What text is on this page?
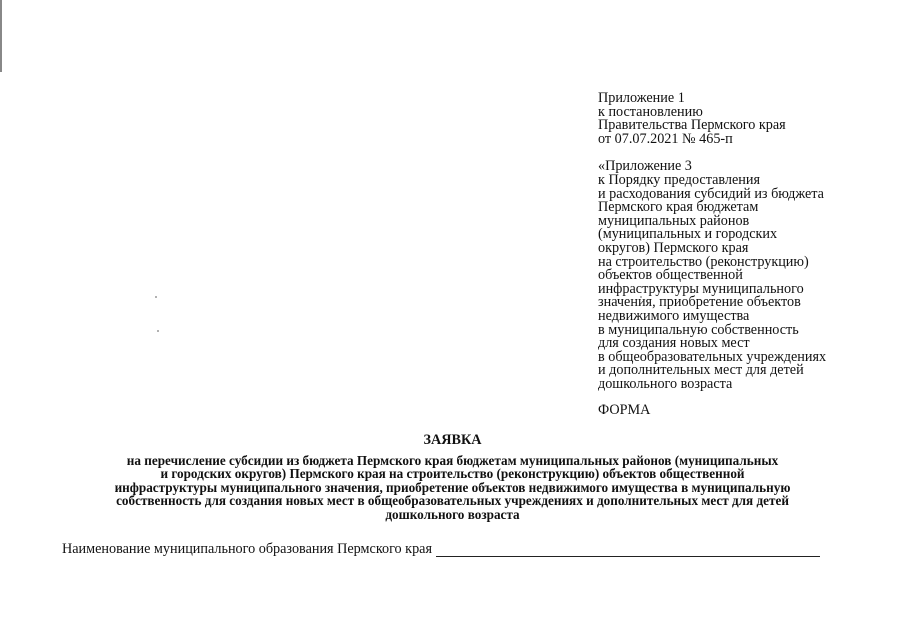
Приложение 1
к постановлению
Правительства Пермского края
от 07.07.2021 № 465-п
«Приложение 3
к Порядку предоставления
и расходования субсидий из бюджета
Пермского края бюджетам
муниципальных районов
(муниципальных и городских
округов) Пермского края
на строительство (реконструкцию)
объектов общественной
инфраструктуры муниципального
значения, приобретение объектов
недвижимого имущества
в муниципальную собственность
для создания новых мест
в общеобразовательных учреждениях
и дополнительных мест для детей
дошкольного возраста
ФОРМА
ЗАЯВКА
на перечисление субсидии из бюджета Пермского края бюджетам муниципальных районов (муниципальных
и городских округов) Пермского края на строительство (реконструкцию) объектов общественной
инфраструктуры муниципального значения, приобретение объектов недвижимого имущества в муниципальную
собственность для создания новых мест в общеобразовательных учреждениях и дополнительных мест для детей
дошкольного возраста
Наименование муниципального образования Пермского края
